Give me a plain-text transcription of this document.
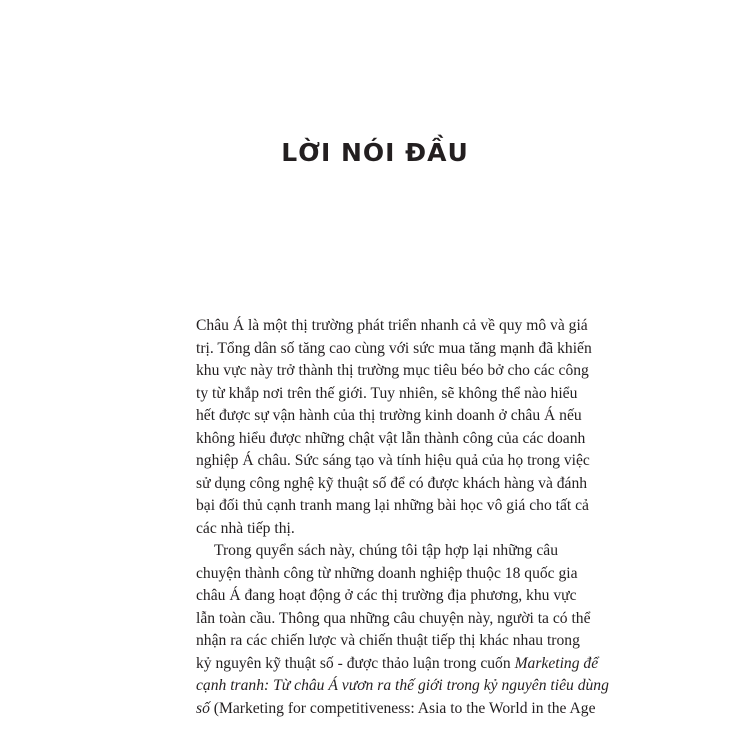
LỜI NÓI ĐẦU

Châu Á là một thị trường phát triển nhanh cả về quy mô và giá
trị. Tổng dân số tăng cao cùng với sức mua tăng mạnh đã khiến
khu vực này trở thành thị trường mục tiêu béo bở cho các công
ty từ khắp nơi trên thế giới. Tuy nhiên, sẽ không thể nào hiểu
hết được sự vận hành của thị trường kinh doanh ở châu Á nếu
không hiểu được những chật vật lẫn thành công của các doanh
nghiệp Á châu. Sức sáng tạo và tính hiệu quả của họ trong việc
sử dụng công nghệ kỹ thuật số để có được khách hàng và đánh
bại đối thủ cạnh tranh mang lại những bài học vô giá cho tất cả
các nhà tiếp thị.

Trong quyển sách này, chúng tôi tập hợp lại những câu
chuyện thành công từ những doanh nghiệp thuộc 18 quốc gia
châu Á đang hoạt động ở các thị trường địa phương, khu vực
lẫn toàn cầu. Thông qua những câu chuyện này, người ta có thể
nhận ra các chiến lược và chiến thuật tiếp thị khác nhau trong
kỷ nguyên kỹ thuật số - được thảo luận trong cuốn Marketing để
cạnh tranh: Từ châu Á vươn ra thế giới trong kỷ nguyên tiêu dùng
số (Marketing for competitiveness: Asia to the World in the Age
